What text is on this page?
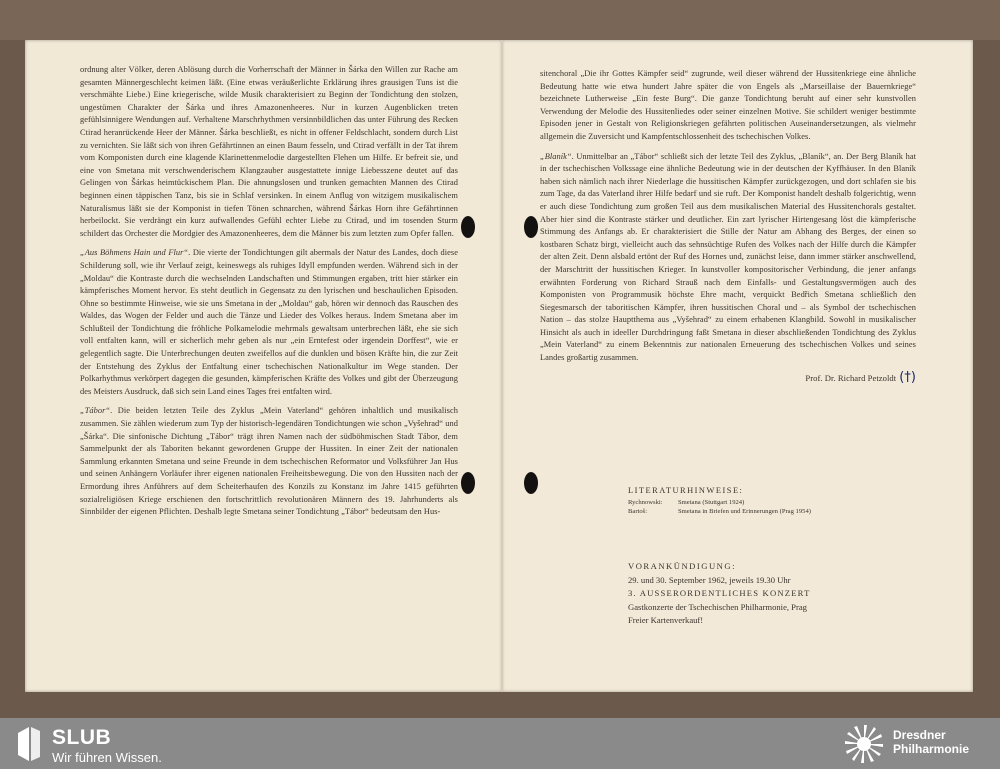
ordnung alter Völker, deren Ablösung durch die Vorherrschaft der Männer in Šárka den Willen zur Rache am gesamten Männergeschlecht keimen läßt. (Eine etwas veräußerlichte Erklärung ihres grausigen Tuns ist die verschmähte Liebe.) Eine kriegerische, wilde Musik charakterisiert zu Beginn der Tondichtung den stolzen, ungestümen Charakter der Šárka und ihres Amazonenheeres. Nur in kurzen Augenblicken treten gefühlsinnigere Wendungen auf. Verhaltene Marschrhythmen versinnbildlichen das unter Führung des Recken Ctirad heranrückende Heer der Männer. Šárka beschließt, es nicht in offener Feldschlacht, sondern durch List zu vernichten. Sie läßt sich von ihren Gefährtinnen an einen Baum fesseln, und Ctirad verfällt in der Tat ihrem vom Komponisten durch eine klagende Klarinettenmelodie dargestellten Flehen um Hilfe. Er befreit sie, und eine von Smetana mit verschwenderischem Klangzauber ausgestattete innige Liebesszene deutet auf das Gelingen von Šárkas heimtückischem Plan. Die ahnungslosen und trunken gemachten Mannen des Ctirad beginnen einen täppischen Tanz, bis sie in Schlaf versinken. In einem Anflug von witzigem musikalischem Naturalismus läßt sie der Komponist in tiefen Tönen schnarchen, während Šárkas Horn ihre Gefährtinnen herbeilockt. Sie verdrängt ein kurz aufwallendes Gefühl echter Liebe zu Ctirad, und im tosenden Sturm schildert das Orchester die Mordgier des Amazonenheeres, dem die Männer bis zum letzten zum Opfer fallen.

„Aus Böhmens Hain und Flur“. Die vierte der Tondichtungen gilt abermals der Natur des Landes, doch diese Schilderung soll, wie ihr Verlauf zeigt, keineswegs als ruhiges Idyll empfunden werden. Während sich in der „Moldau“ die Kontraste durch die wechselnden Landschaften und Stimmungen ergaben, tritt hier stärker ein kämpferisches Moment hervor. Es steht deutlich in Gegensatz zu den lyrischen und beschaulichen Episoden. Ohne so bestimmte Hinweise, wie sie uns Smetana in der „Moldau“ gab, hören wir dennoch das Rauschen des Waldes, das Wogen der Felder und auch die Tänze und Lieder des Volkes heraus. Indem Smetana aber im Schlußteil der Tondichtung die fröhliche Polkamelodie mehrmals gewaltsam unterbrechen läßt, ehe sie sich voll entfalten kann, will er sicherlich mehr geben als nur „ein Erntefest oder irgendein Dorffest“, wie er gelegentlich sagte. Die Unterbrechungen deuten zweifellos auf die dunklen und bösen Kräfte hin, die zur Zeit der Entstehung des Zyklus der Entfaltung einer tschechischen Nationalkultur im Wege standen. Der Polkarhythmus verkörpert dagegen die gesunden, kämpferischen Kräfte des Volkes und gibt der Überzeugung des Meisters Ausdruck, daß sich sein Land eines Tages frei entfalten wird.

„Tábor“. Die beiden letzten Teile des Zyklus „Mein Vaterland“ gehören inhaltlich und musikalisch zusammen. Sie zählen wiederum zum Typ der historisch-legendären Tondichtungen wie schon „Vyšehrad“ und „Šárka“. Die sinfonische Dichtung „Tábor“ trägt ihren Namen nach der südböhmischen Stadt Tábor, dem Sammelpunkt der als Taboriten bekannt gewordenen Gruppe der Hussiten. In einer Zeit der nationalen Sammlung erkannten Smetana und seine Freunde in dem tschechischen Reformator und Volksführer Jan Hus und seinen Anhängern Vorläufer ihrer eigenen nationalen Freiheitsbewegung. Die von den Hussiten nach der Ermordung ihres Anführers auf dem Scheiterhaufen des Konzils zu Konstanz im Jahre 1415 geführten sozialreligiösen Kriege erschienen den fortschrittlich revolutionären Männern des 19. Jahrhunderts als Sinnbilder der eigenen Pflichten. Deshalb legte Smetana seiner Tondichtung „Tábor“ bedeutsam den Hus-

sitenchoral „Die ihr Gottes Kämpfer seid“ zugrunde, weil dieser während der Hussitenkriege eine ähnliche Bedeutung hatte wie etwa hundert Jahre später die von Engels als „Marseillaise der Bauernkriege“ bezeichnete Lutherweise „Ein feste Burg“. Die ganze Tondichtung beruht auf einer sehr kunstvollen Verwendung der Melodie des Hussitenliedes oder seiner einzelnen Motive. Sie schildert weniger bestimmte Episoden jener in Gestalt von Religionskriegen gefährten politischen Auseinandersetzungen, als vielmehr allgemein die Zuversicht und Kampfentschlossenheit des tschechischen Volkes.

„Blaník“. Unmittelbar an „Tábor“ schließt sich der letzte Teil des Zyklus, „Blaník“, an. Der Berg Blaník hat in der tschechischen Volkssage eine ähnliche Bedeutung wie in der deutschen der Kyffhäuser. In den Blaník haben sich nämlich nach ihrer Niederlage die hussitischen Kämpfer zurückgezogen, und dort schlafen sie bis zum Tage, da das Vaterland ihrer Hilfe bedarf und sie ruft. Der Komponist handelt deshalb folgerichtig, wenn er auch diese Tondichtung zum großen Teil aus dem musikalischen Material des Hussitenchorals gestaltet. Aber hier sind die Kontraste stärker und deutlicher. Ein zart lyrischer Hirtengesang löst die kämpferische Stimmung des Anfangs ab. Er charakterisiert die Stille der Natur am Abhang des Berges, der einen so kostbaren Schatz birgt, vielleicht auch das sehnsüchtige Rufen des Volkes nach der Hilfe durch die Kämpfer der alten Zeit. Denn alsbald ertönt der Ruf des Hornes und, zunächst leise, dann immer stärker anschwellend, der Marschtritt der hussitischen Krieger. In kunstvoller kompositorischer Verbindung, die jener anfangs erwähnten Forderung von Richard Strauß nach dem Einfalls- und Gestaltungsvermögen auch des Komponisten von Programmusik höchste Ehre macht, verquickt Bedřich Smetana schließlich den Siegesmarsch der taboritischen Kämpfer, ihren hussitischen Choral und – als Symbol der tschechischen Nation – das stolze Hauptthema aus „Vyšehrad“ zu einem erhabenen Klangbild. Sowohl in musikalischer Hinsicht als auch in ideeller Durchdringung faßt Smetana in dieser abschließenden Tondichtung des Zyklus „Mein Vaterland“ zu einem Bekenntnis zur nationalen Erneuerung des tschechischen Volkes und seines Landes großartig zusammen.

Prof. Dr. Richard Petzoldt (†)
LITERATURHINWEISE:
Rychnowski:	Smetana (Stuttgart 1924)
Bartoš:	Smetana in Briefen und Erinnerungen (Prag 1954)
VORANKÜNDIGUNG:
29. und 30. September 1962, jeweils 19.30 Uhr
3. AUSSERORDENTLICHES KONZERT
Gastkonzerte der Tschechischen Philharmonie, Prag
Freier Kartenverkauf!
SLUB
Wir führen Wissen.
Dresdner
Philharmonie
